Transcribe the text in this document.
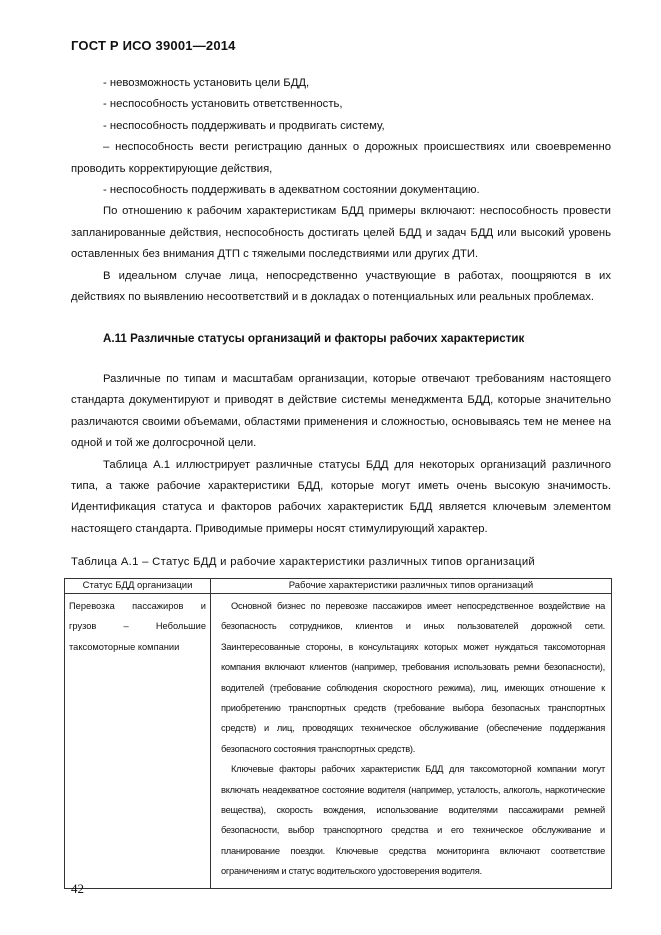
ГОСТ Р ИСО 39001—2014

- невозможность установить цели БДД,

- неспособность установить ответственность,

- неспособность поддерживать и продвигать систему,

– неспособность вести регистрацию данных о дорожных происшествиях или своевременно проводить корректирующие действия,

- неспособность поддерживать в адекватном состоянии документацию.

По отношению к рабочим характеристикам БДД примеры включают: неспособность провести запланированные действия, неспособность достигать целей БДД и задач БДД или высокий уровень оставленных без внимания ДТП с тяжелыми последствиями или других ДТИ.

В идеальном случае лица, непосредственно участвующие в работах, поощряются в их действиях по выявлению несоответствий и в докладах о потенциальных или реальных проблемах.

А.11 Различные статусы организаций и факторы рабочих характеристик

Различные по типам и масштабам организации, которые отвечают требованиям настоящего стандарта документируют и приводят в действие системы менеджмента БДД, которые значительно различаются своими объемами, областями применения и сложностью, основываясь тем не менее на одной и той же долгосрочной цели.

Таблица А.1 иллюстрирует различные статусы БДД для некоторых организаций различного типа, а также рабочие характеристики БДД, которые могут иметь очень высокую значимость. Идентификация статуса и факторов рабочих характеристик БДД является ключевым элементом настоящего стандарта. Приводимые примеры носят стимулирующий характер.

Таблица А.1 – Статус БДД и рабочие характеристики различных типов организаций
Статус БДД организации	Рабочие характеристики различных типов организаций
Перевозка пассажиров и грузов – Небольшие таксомоторные компании	Основной бизнес по перевозке пассажиров имеет непосредственное воздействие на безопасность сотрудников, клиентов и иных пользователей дорожной сети. Заинтересованные стороны, в консультациях которых может нуждаться таксомоторная компания включают клиентов (например, требования использовать ремни безопасности), водителей (требование соблюдения скоростного режима), лиц, имеющих отношение к приобретению транспортных средств (требование выбора безопасных транспортных средств) и лиц, проводящих техническое обслуживание (обеспечение поддержания безопасного состояния транспортных средств).

Ключевые факторы рабочих характеристик БДД для таксомоторной компании могут включать неадекватное состояние водителя (например, усталость, алкоголь, наркотические вещества), скорость вождения, использование водителями пассажирами ремней безопасности, выбор транспортного средства и его техническое обслуживание и планирование поездки. Ключевые средства мониторинга включают соответствие ограничениям и статус водительского удостоверения водителя.

42
